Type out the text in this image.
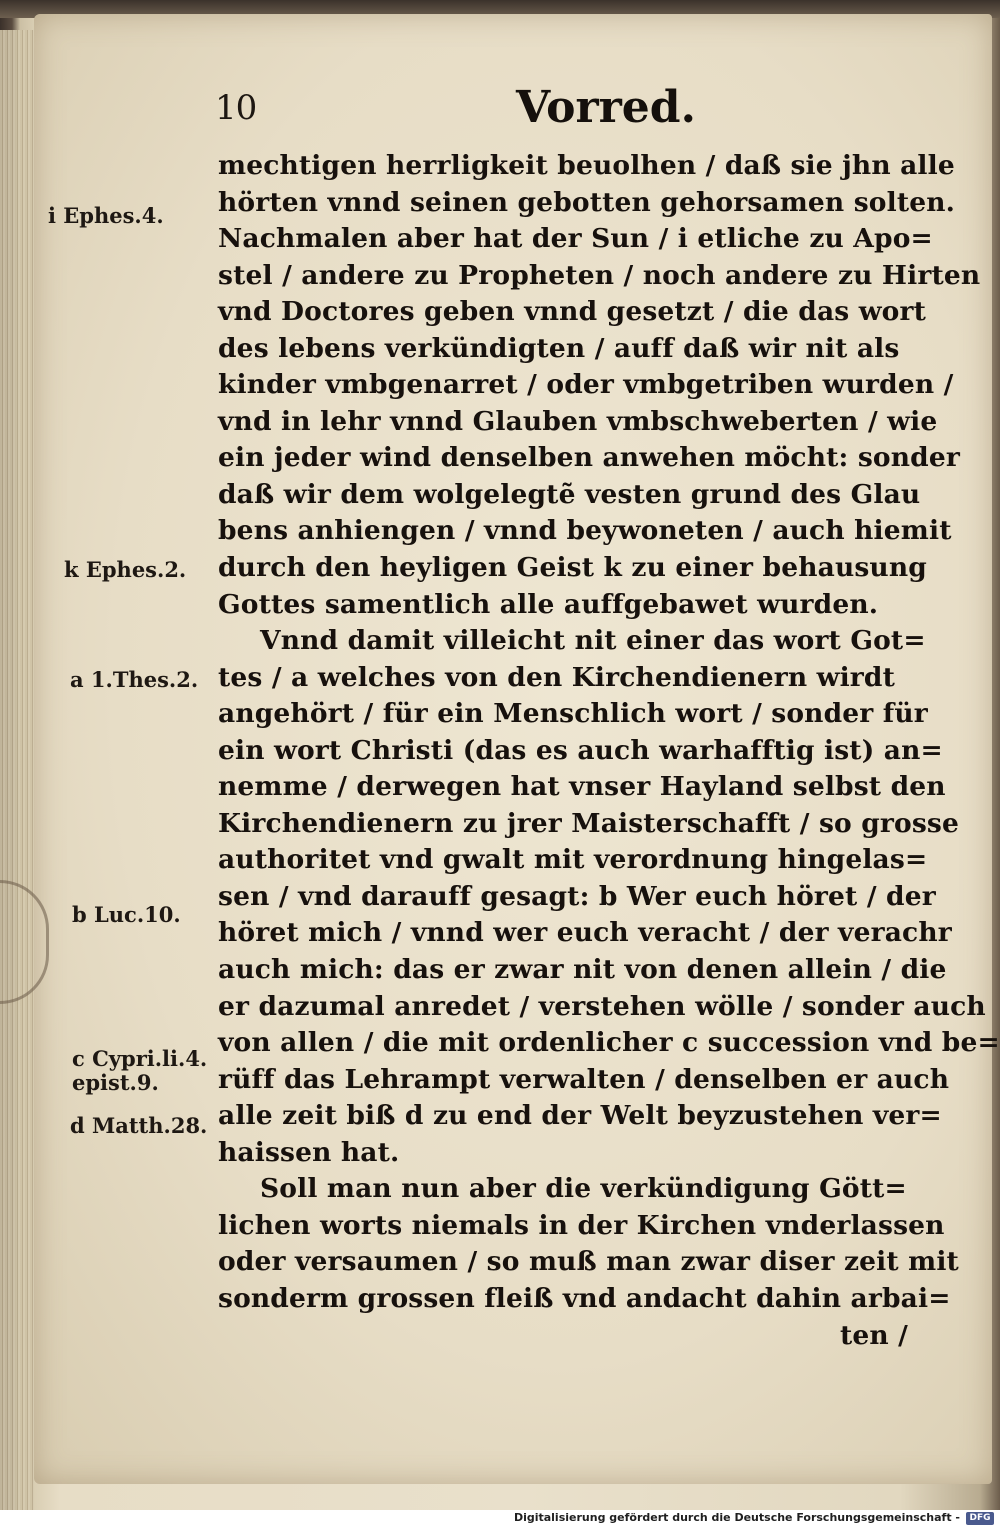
10	Vorred.
i Ephes.4.
k Ephes.2.
a 1.Thes.2.
b Luc.10.
c Cypri.li.4.
epist.9.
d Matth.28.
mechtigen herrligkeit beuolhen / daß sie jhn alle
hörten vnnd seinen gebotten gehorsamen solten.
Nachmalen aber hat der Sun / i etliche zu Apo=
stel / andere zu Propheten / noch andere zu Hirten
vnd Doctores geben vnnd gesetzt / die das wort
des lebens verkündigten / auff daß wir nit als
kinder vmbgenarret / oder vmbgetriben wurden /
vnd in lehr vnnd Glauben vmbschweberten / wie
ein jeder wind denselben anwehen möcht: sonder
daß wir dem wolgelegtẽ vesten grund des Glau
bens anhiengen / vnnd beywoneten / auch hiemit
durch den heyligen Geist k zu einer behausung
Gottes samentlich alle auffgebawet wurden.
Vnnd damit villeicht nit einer das wort Got=
tes / a welches von den Kirchendienern wirdt
angehört / für ein Menschlich wort / sonder für
ein wort Christi (das es auch warhafftig ist) an=
nemme / derwegen hat vnser Hayland selbst den
Kirchendienern zu jrer Maisterschafft / so grosse
authoritet vnd gwalt mit verordnung hingelas=
sen / vnd darauff gesagt: b Wer euch höret / der
höret mich / vnnd wer euch veracht / der verachr
auch mich: das er zwar nit von denen allein / die
er dazumal anredet / verstehen wölle / sonder auch
von allen / die mit ordenlicher c succession vnd be=
rüff das Lehrampt verwalten / denselben er auch
alle zeit biß d zu end der Welt beyzustehen ver=
haissen hat.
Soll man nun aber die verkündigung Gött=
lichen worts niemals in der Kirchen vnderlassen
oder versaumen / so muß man zwar diser zeit mit
sonderm grossen fleiß vnd andacht dahin arbai=
ten /
Digitalisierung gefördert durch die Deutsche Forschungsgemeinschaft -	DFG
